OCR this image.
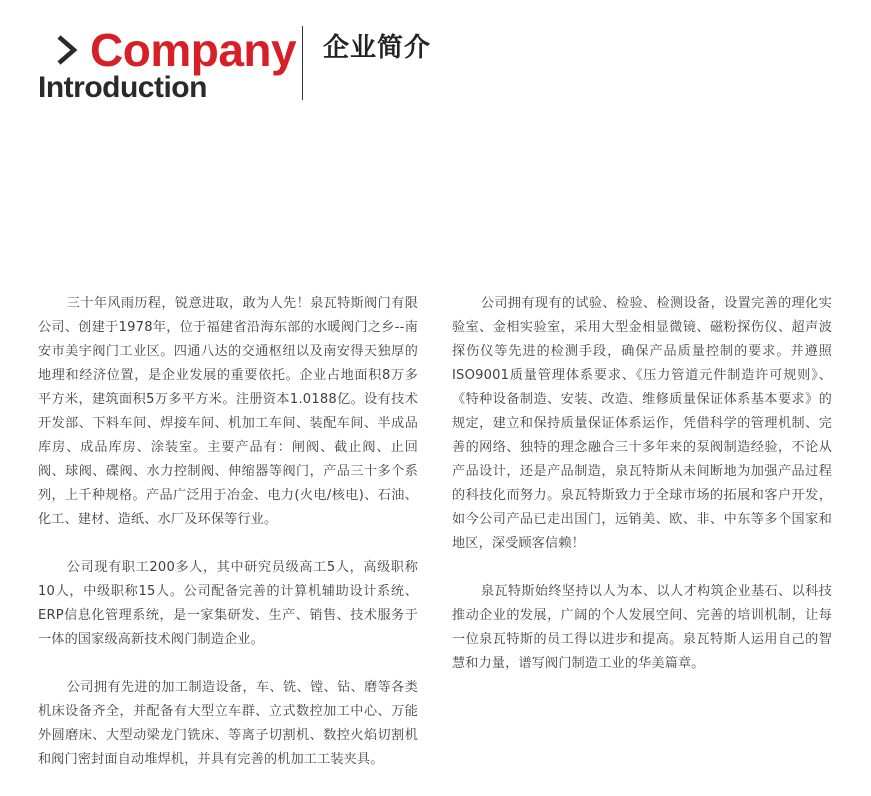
Company
Introduction
企业简介

三十年风雨历程，锐意进取，敢为人先！泉瓦特斯阀门有限公司、创建于1978年，位于福建省沿海东部的水暖阀门之乡--南安市美宇阀门工业区。四通八达的交通枢纽以及南安得天独厚的地理和经济位置，是企业发展的重要依托。企业占地面积8万多平方米，建筑面积5万多平方米。注册资本1.0188亿。设有技术开发部、下料车间、焊接车间、机加工车间、装配车间、半成品库房、成品库房、涂装室。主要产品有：闸阀、截止阀、止回阀、球阀、碟阀、水力控制阀、伸缩器等阀门，产品三十多个系列，上千种规格。产品广泛用于冶金、电力(火电/核电)、石油、化工、建材、造纸、水厂及环保等行业。

公司现有职工200多人，其中研究员级高工5人，高级职称10人，中级职称15人。公司配备完善的计算机辅助设计系统、ERP信息化管理系统，是一家集研发、生产、销售、技术服务于一体的国家级高新技术阀门制造企业。

公司拥有先进的加工制造设备，车、铣、镗、钻、磨等各类机床设备齐全，并配备有大型立车群、立式数控加工中心、万能外圆磨床、大型动梁龙门铣床、等离子切割机、数控火焰切割机和阀门密封面自动堆焊机，并具有完善的机加工工装夹具。

公司拥有现有的试验、检验、检测设备，设置完善的理化实验室、金相实验室，采用大型金相显微镜、磁粉探伤仪、超声波探伤仪等先进的检测手段，确保产品质量控制的要求。并遵照ISO9001质量管理体系要求、《压力管道元件制造许可规则》、《特种设备制造、安装、改造、维修质量保证体系基本要求》的规定，建立和保持质量保证体系运作，凭借科学的管理机制、完善的网络、独特的理念融合三十多年来的泵阀制造经验，不论从产品设计，还是产品制造，泉瓦特斯从未间断地为加强产品过程的科技化而努力。泉瓦特斯致力于全球市场的拓展和客户开发，如今公司产品已走出国门，远销美、欧、非、中东等多个国家和地区，深受顾客信赖！

泉瓦特斯始终坚持以人为本、以人才构筑企业基石、以科技推动企业的发展，广阔的个人发展空间、完善的培训机制，让每一位泉瓦特斯的员工得以进步和提高。泉瓦特斯人运用自己的智慧和力量，谱写阀门制造工业的华美篇章。
